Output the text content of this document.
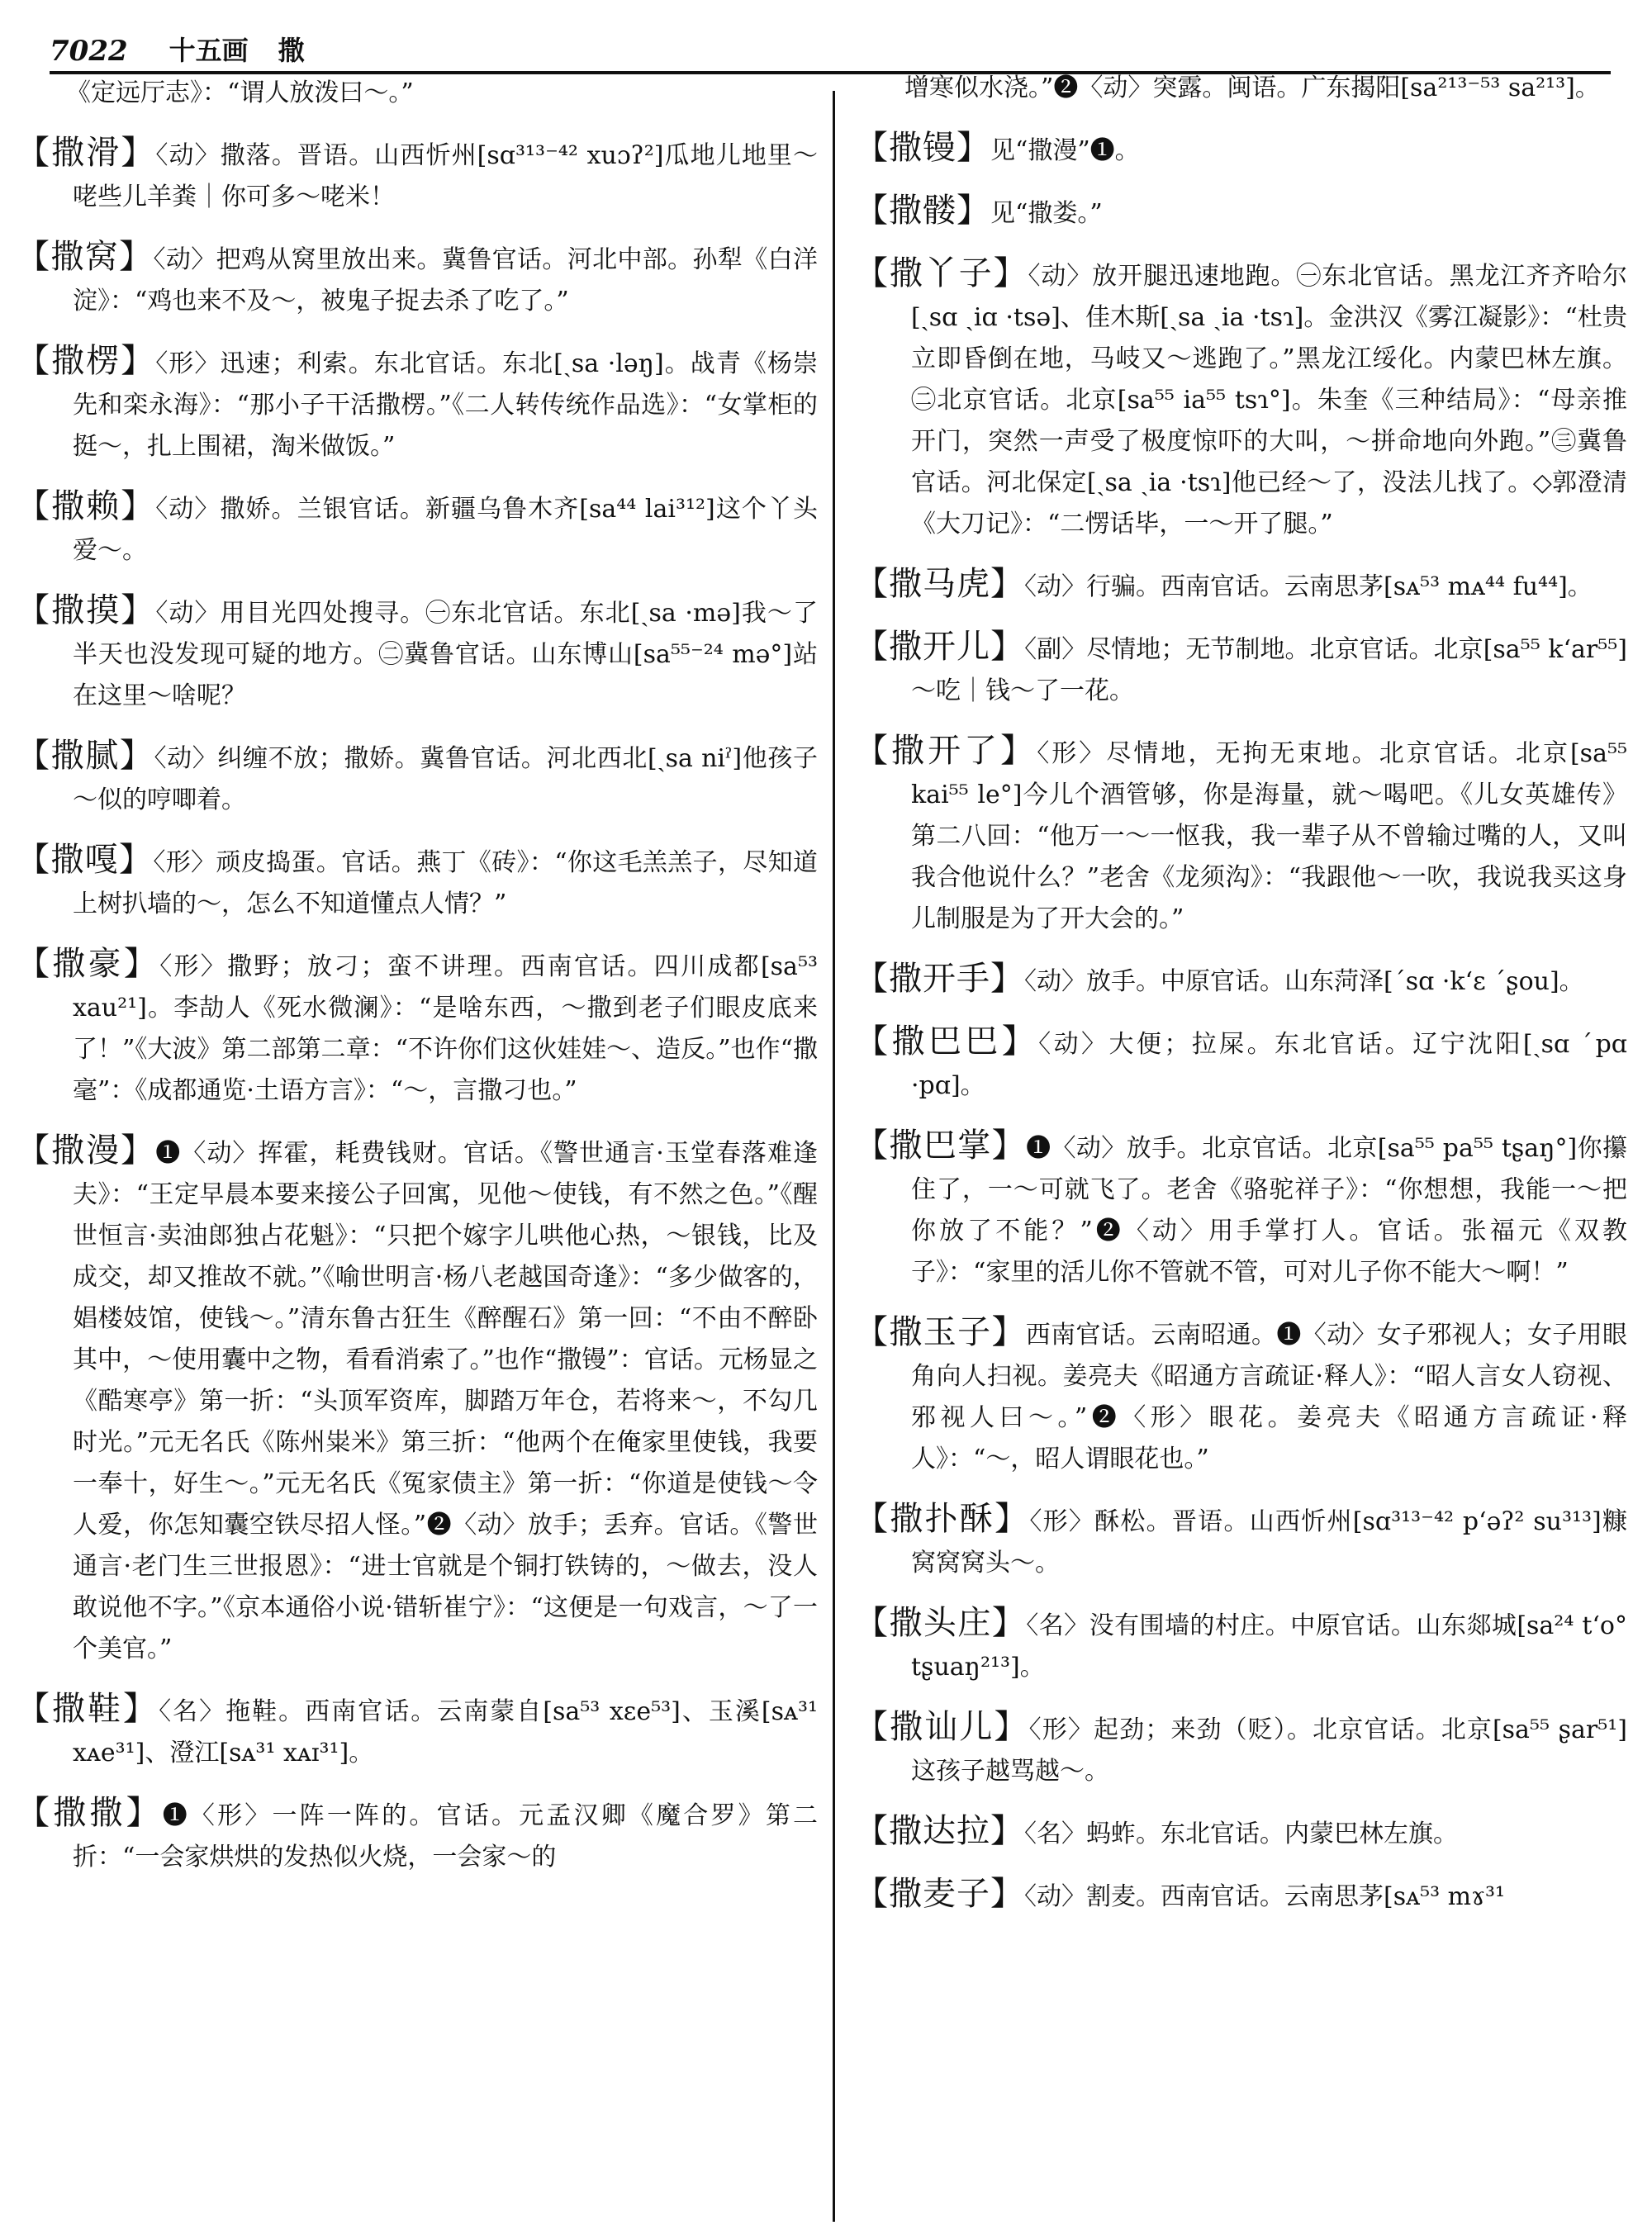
7022 十五画 撒
《定远厅志》：“谓人放泼曰～。”
【撒滑】〈动〉撒落。晋语。山西忻州[sɑ³¹³⁻⁴² xuɔʔ²]瓜地儿地里～咾些儿羊粪｜你可多～咾米！
【撒窝】〈动〉把鸡从窝里放出来。冀鲁官话。河北中部。孙犁《白洋淀》：“鸡也来不及～，被鬼子捉去杀了吃了。”
【撒楞】〈形〉迅速；利索。东北官话。东北[ˏsa ·ləŋ]。战青《杨崇先和栾永海》：“那小子干活撒楞。”《二人转传统作品选》：“女掌柜的挺～，扎上围裙，淘米做饭。”
【撒赖】〈动〉撒娇。兰银官话。新疆乌鲁木齐[sa⁴⁴ lai³¹²]这个丫头爱～。
【撒摸】〈动〉用目光四处搜寻。㊀东北官话。东北[ˏsa ·mə]我～了半天也没发现可疑的地方。㊁冀鲁官话。山东博山[sa⁵⁵⁻²⁴ mə°]站在这里～啥呢？
【撒腻】〈动〉纠缠不放；撒娇。冀鲁官话。河北西北[ˏsa niˀ]他孩子～似的哼唧着。
【撒嘎】〈形〉顽皮捣蛋。官话。燕丁《砖》：“你这毛羔羔子，尽知道上树扒墙的～，怎么不知道懂点人情？”
【撒豪】〈形〉撒野；放刁；蛮不讲理。西南官话。四川成都[sa⁵³ xau²¹]。李劼人《死水微澜》：“是啥东西，～撒到老子们眼皮底来了！”《大波》第二部第二章：“不许你们这伙娃娃～、造反。”也作“撒毫”：《成都通览·土语方言》：“～，言撒刁也。”
【撒漫】❶〈动〉挥霍，耗费钱财。官话。《警世通言·玉堂春落难逢夫》：“王定早晨本要来接公子回寓，见他～使钱，有不然之色。”《醒世恒言·卖油郎独占花魁》：“只把个嫁字儿哄他心热，～银钱，比及成交，却又推故不就。”《喻世明言·杨八老越国奇逢》：“多少做客的，娼楼妓馆，使钱～。”清东鲁古狂生《醉醒石》第一回：“不由不醉卧其中，～使用囊中之物，看看消索了。”也作“撒镘”：官话。元杨显之《酷寒亭》第一折：“头顶军资库，脚踏万年仓，若将来～，不勾几时光。”元无名氏《陈州粜米》第三折：“他两个在俺家里使钱，我要一奉十，好生～。”元无名氏《冤家债主》第一折：“你道是使钱～令人爱，你怎知囊空铁尽招人怪。”❷〈动〉放手；丢弃。官话。《警世通言·老门生三世报恩》：“进士官就是个铜打铁铸的，～做去，没人敢说他不字。”《京本通俗小说·错斩崔宁》：“这便是一句戏言，～了一个美官。”
【撒鞋】〈名〉拖鞋。西南官话。云南蒙自[sa⁵³ xɛe⁵³]、玉溪[sᴀ³¹ xᴀe³¹]、澄江[sᴀ³¹ xᴀɪ³¹]。
【撒撒】❶〈形〉一阵一阵的。官话。元孟汉卿《魔合罗》第二折：“一会家烘烘的发热似火烧，一会家～的
增寒似水浇。”❷〈动〉突露。闽语。广东揭阳[sa²¹³⁻⁵³ sa²¹³]。
【撒镘】见“撒漫”❶。
【撒髅】见“撒娄。”
【撒丫子】〈动〉放开腿迅速地跑。㊀东北官话。黑龙江齐齐哈尔[ˏsɑ ˏiɑ ·tsə]、佳木斯[ˏsa ˏia ·tsɿ]。金洪汉《雾江凝影》：“杜贵立即昏倒在地，马岐又～逃跑了。”黑龙江绥化。内蒙巴林左旗。㊁北京官话。北京[sa⁵⁵ ia⁵⁵ tsɿ°]。朱奎《三种结局》：“母亲推开门，突然一声受了极度惊吓的大叫，～拼命地向外跑。”㊂冀鲁官话。河北保定[ˏsa ˏia ·tsɿ]他已经～了，没法儿找了。◇郭澄清《大刀记》：“二愣话毕，一～开了腿。”
【撒马虎】〈动〉行骗。西南官话。云南思茅[sᴀ⁵³ mᴀ⁴⁴ fu⁴⁴]。
【撒开儿】〈副〉尽情地；无节制地。北京官话。北京[sa⁵⁵ k‘ar⁵⁵]～吃｜钱～了一花。
【撒开了】〈形〉尽情地，无拘无束地。北京官话。北京[sa⁵⁵ kai⁵⁵ le°]今儿个酒管够，你是海量，就～喝吧。《儿女英雄传》第二八回：“他万一～一怄我，我一辈子从不曾输过嘴的人，又叫我合他说什么？”老舍《龙须沟》：“我跟他～一吹，我说我买这身儿制服是为了开大会的。”
【撒开手】〈动〉放手。中原官话。山东菏泽[ˊsɑ ·k‘ɛ ˊʂou]。
【撒巴巴】〈动〉大便；拉屎。东北官话。辽宁沈阳[ˏsɑ ˊpɑ ·pɑ]。
【撒巴掌】❶〈动〉放手。北京官话。北京[sa⁵⁵ pa⁵⁵ tʂaŋ°]你攥住了，一～可就飞了。老舍《骆驼祥子》：“你想想，我能一～把你放了不能？”❷〈动〉用手掌打人。官话。张福元《双教子》：“家里的活儿你不管就不管，可对儿子你不能大～啊！”
【撒玉子】西南官话。云南昭通。❶〈动〉女子邪视人；女子用眼角向人扫视。姜亮夫《昭通方言疏证·释人》：“昭人言女人窃视、邪视人曰～。”❷〈形〉眼花。姜亮夫《昭通方言疏证·释人》：“～，昭人谓眼花也。”
【撒扑酥】〈形〉酥松。晋语。山西忻州[sɑ³¹³⁻⁴² p‘əʔ² su³¹³]糠窝窝窝头～。
【撒头庄】〈名〉没有围墙的村庄。中原官话。山东郯城[sa²⁴ t‘o° tʂuaŋ²¹³]。
【撒讪儿】〈形〉起劲；来劲（贬）。北京官话。北京[sa⁵⁵ ʂar⁵¹]这孩子越骂越～。
【撒达拉】〈名〉蚂蚱。东北官话。内蒙巴林左旗。
【撒麦子】〈动〉割麦。西南官话。云南思茅[sᴀ⁵³ mɤ³¹
